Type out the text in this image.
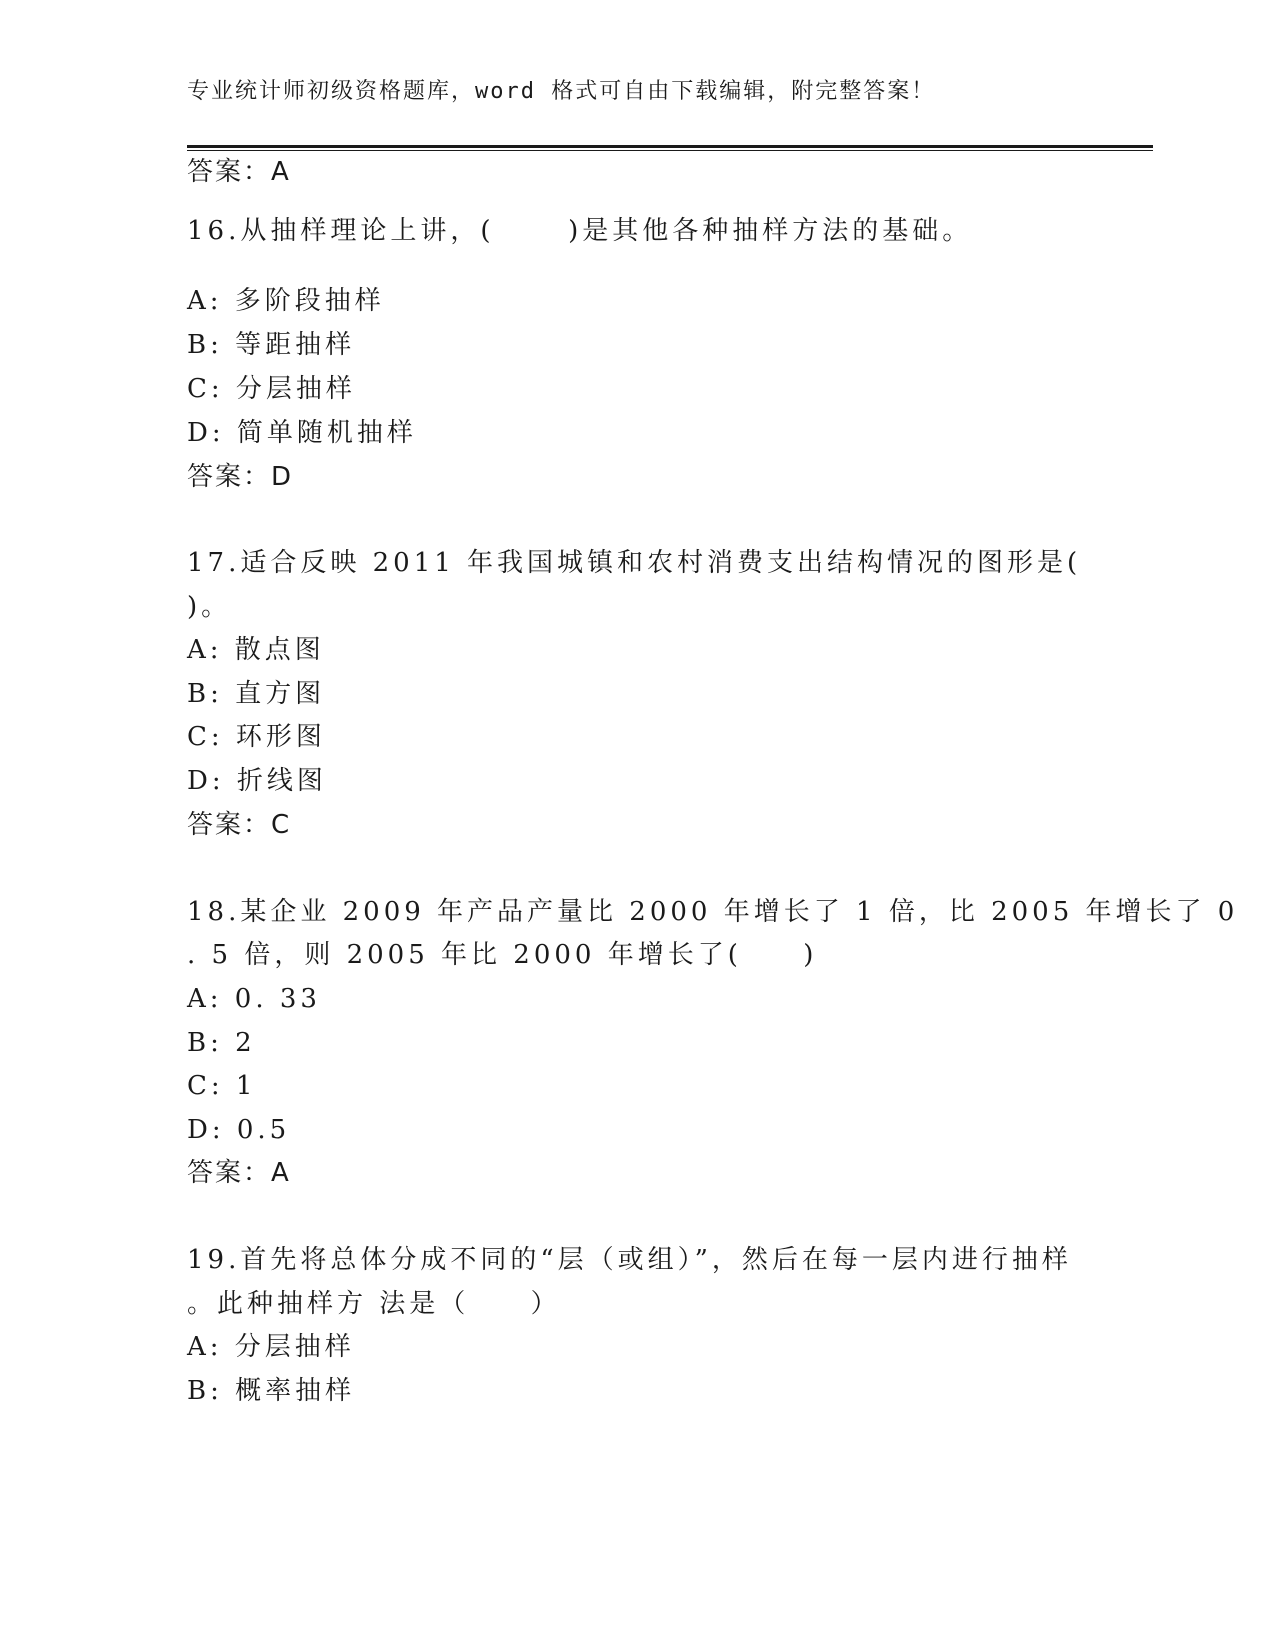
专业统计师初级资格题库，word 格式可自由下载编辑，附完整答案！
答案：A
16.从抽样理论上讲，(      )是其他各种抽样方法的基础。
A: 多阶段抽样
B: 等距抽样
C: 分层抽样
D: 简单随机抽样
答案：D
17.适合反映 2011 年我国城镇和农村消费支出结构情况的图形是(
)。
A: 散点图
B: 直方图
C: 环形图
D: 折线图
答案：C
18.某企业 2009 年产品产量比 2000 年增长了 1 倍，比 2005 年增长了 0
. 5 倍，则 2005 年比 2000 年增长了(     )
A: 0. 33
B: 2
C: 1
D: 0.5
答案：A
19.首先将总体分成不同的“层（或组）”，然后在每一层内进行抽样
。此种抽样方 法是（     ）
A: 分层抽样
B: 概率抽样
